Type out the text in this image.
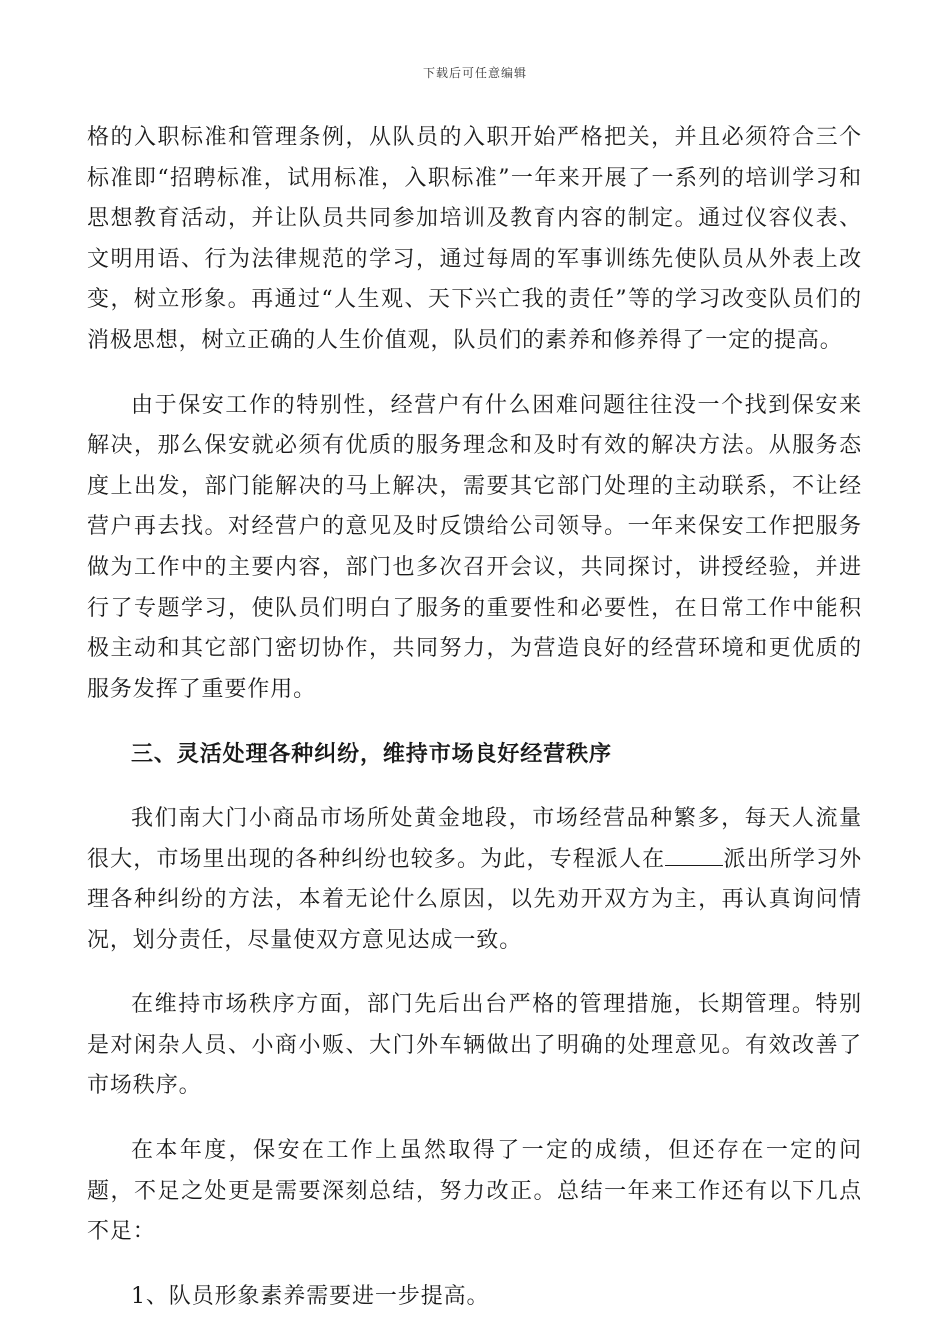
下载后可任意编辑

格的入职标准和管理条例，从队员的入职开始严格把关，并且必须符合三个标准即“招聘标准，试用标准，入职标准”一年来开展了一系列的培训学习和思想教育活动，并让队员共同参加培训及教育内容的制定。通过仪容仪表、文明用语、行为法律规范的学习，通过每周的军事训练先使队员从外表上改变，树立形象。再通过“人生观、天下兴亡我的责任”等的学习改变队员们的消极思想，树立正确的人生价值观，队员们的素养和修养得了一定的提高。

由于保安工作的特别性，经营户有什么困难问题往往没一个找到保安来解决，那么保安就必须有优质的服务理念和及时有效的解决方法。从服务态度上出发，部门能解决的马上解决，需要其它部门处理的主动联系，不让经营户再去找。对经营户的意见及时反馈给公司领导。一年来保安工作把服务做为工作中的主要内容，部门也多次召开会议，共同探讨，讲授经验，并进行了专题学习，使队员们明白了服务的重要性和必要性，在日常工作中能积极主动和其它部门密切协作，共同努力，为营造良好的经营环境和更优质的服务发挥了重要作用。

三、灵活处理各种纠纷，维持市场良好经营秩序

我们南大门小商品市场所处黄金地段，市场经营品种繁多，每天人流量很大，市场里出现的各种纠纷也较多。为此，专程派人在	派出所学习外理各种纠纷的方法，本着无论什么原因，以先劝开双方为主，再认真询问情况，划分责任，尽量使双方意见达成一致。

在维持市场秩序方面，部门先后出台严格的管理措施，长期管理。特别是对闲杂人员、小商小贩、大门外车辆做出了明确的处理意见。有效改善了市场秩序。

在本年度，保安在工作上虽然取得了一定的成绩，但还存在一定的问题，不足之处更是需要深刻总结，努力改正。总结一年来工作还有以下几点不足：

1、队员形象素养需要进一步提高。
